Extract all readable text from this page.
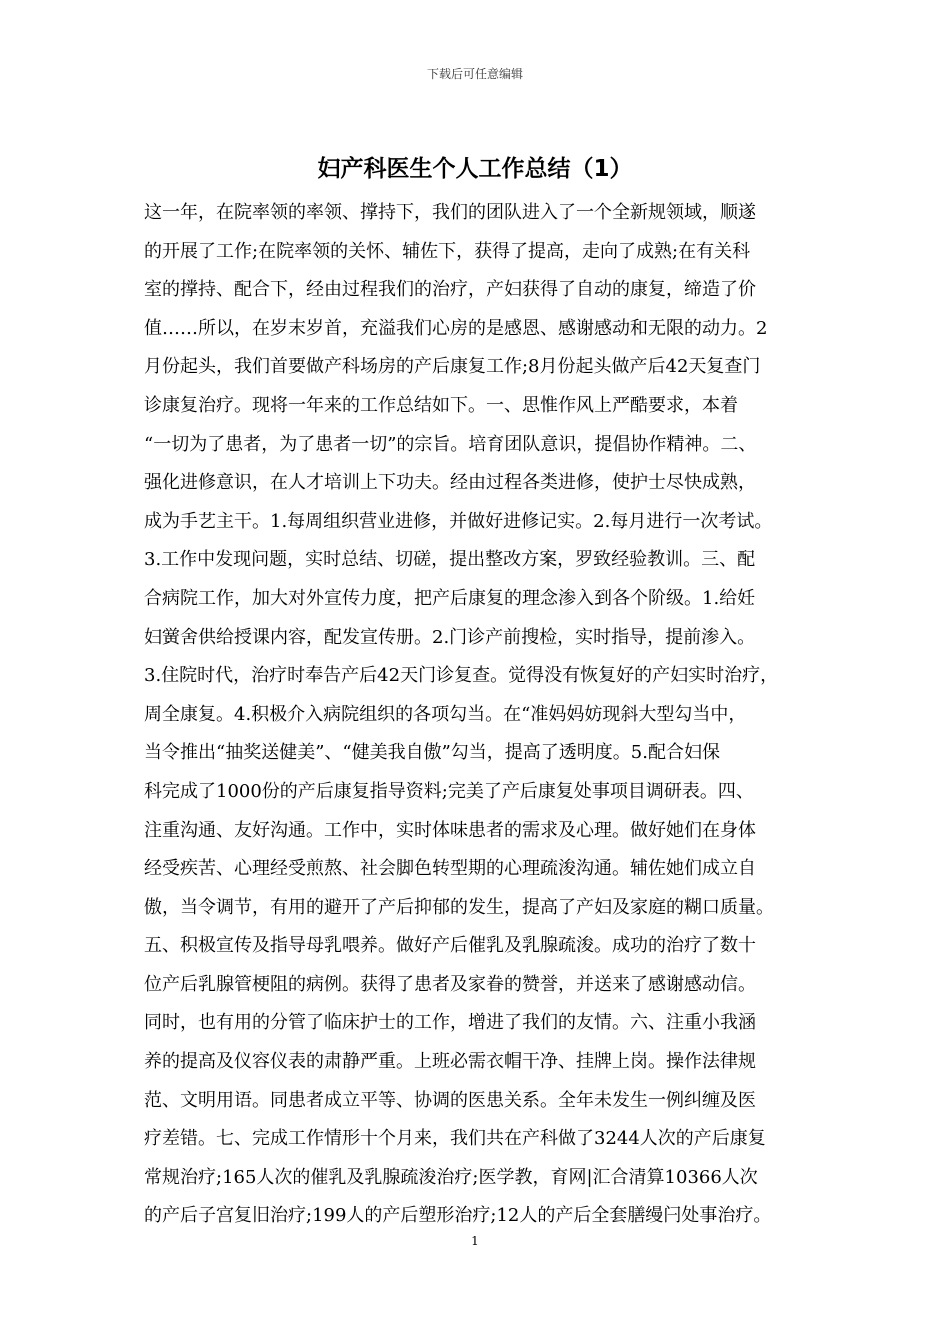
下载后可任意编辑
妇产科医生个人工作总结（1）
这一年，在院率领的率领、撑持下，我们的团队进入了一个全新规领域，顺遂
的开展了工作;在院率领的关怀、辅佐下，获得了提高，走向了成熟;在有关科
室的撑持、配合下，经由过程我们的治疗，产妇获得了自动的康复，缔造了价
值……所以，在岁末岁首，充溢我们心房的是感恩、感谢感动和无限的动力。2
月份起头，我们首要做产科场房的产后康复工作;8月份起头做产后42天复查门
诊康复治疗。现将一年来的工作总结如下。一、思惟作风上严酷要求，本着
“一切为了患者，为了患者一切”的宗旨。培育团队意识，提倡协作精神。二、
强化进修意识，在人才培训上下功夫。经由过程各类进修，使护士尽快成熟，
成为手艺主干。1.每周组织营业进修，并做好进修记实。2.每月进行一次考试。
3.工作中发现问题，实时总结、切磋，提出整改方案，罗致经验教训。三、配
合病院工作，加大对外宣传力度，把产后康复的理念渗入到各个阶级。1.给妊
妇黉舍供给授课内容，配发宣传册。2.门诊产前搜检，实时指导，提前渗入。
3.住院时代，治疗时奉告产后42天门诊复查。觉得没有恢复好的产妇实时治疗，
周全康复。4.积极介入病院组织的各项勾当。在“准妈妈妨现斜大型勾当中，
当令推出“抽奖送健美”、“健美我自傲”勾当，提高了透明度。5.配合妇保
科完成了1000份的产后康复指导资料;完美了产后康复处事项目调研表。四、
注重沟通、友好沟通。工作中，实时体味患者的需求及心理。做好她们在身体
经受疾苦、心理经受煎熬、社会脚色转型期的心理疏浚沟通。辅佐她们成立自
傲，当令调节，有用的避开了产后抑郁的发生，提高了产妇及家庭的糊口质量。
五、积极宣传及指导母乳喂养。做好产后催乳及乳腺疏浚。成功的治疗了数十
位产后乳腺管梗阻的病例。获得了患者及家眷的赞誉，并送来了感谢感动信。
同时，也有用的分管了临床护士的工作，增进了我们的友情。六、注重小我涵
养的提高及仪容仪表的肃静严重。上班必需衣帽干净、挂牌上岗。操作法律规
范、文明用语。同患者成立平等、协调的医患关系。全年未发生一例纠缠及医
疗差错。七、完成工作情形十个月来，我们共在产科做了3244人次的产后康复
常规治疗;165人次的催乳及乳腺疏浚治疗;医学教，育网|汇合清算10366人次
的产后子宫复旧治疗;199人的产后塑形治疗;12人的产后全套膳缦闩处事治疗。
1
